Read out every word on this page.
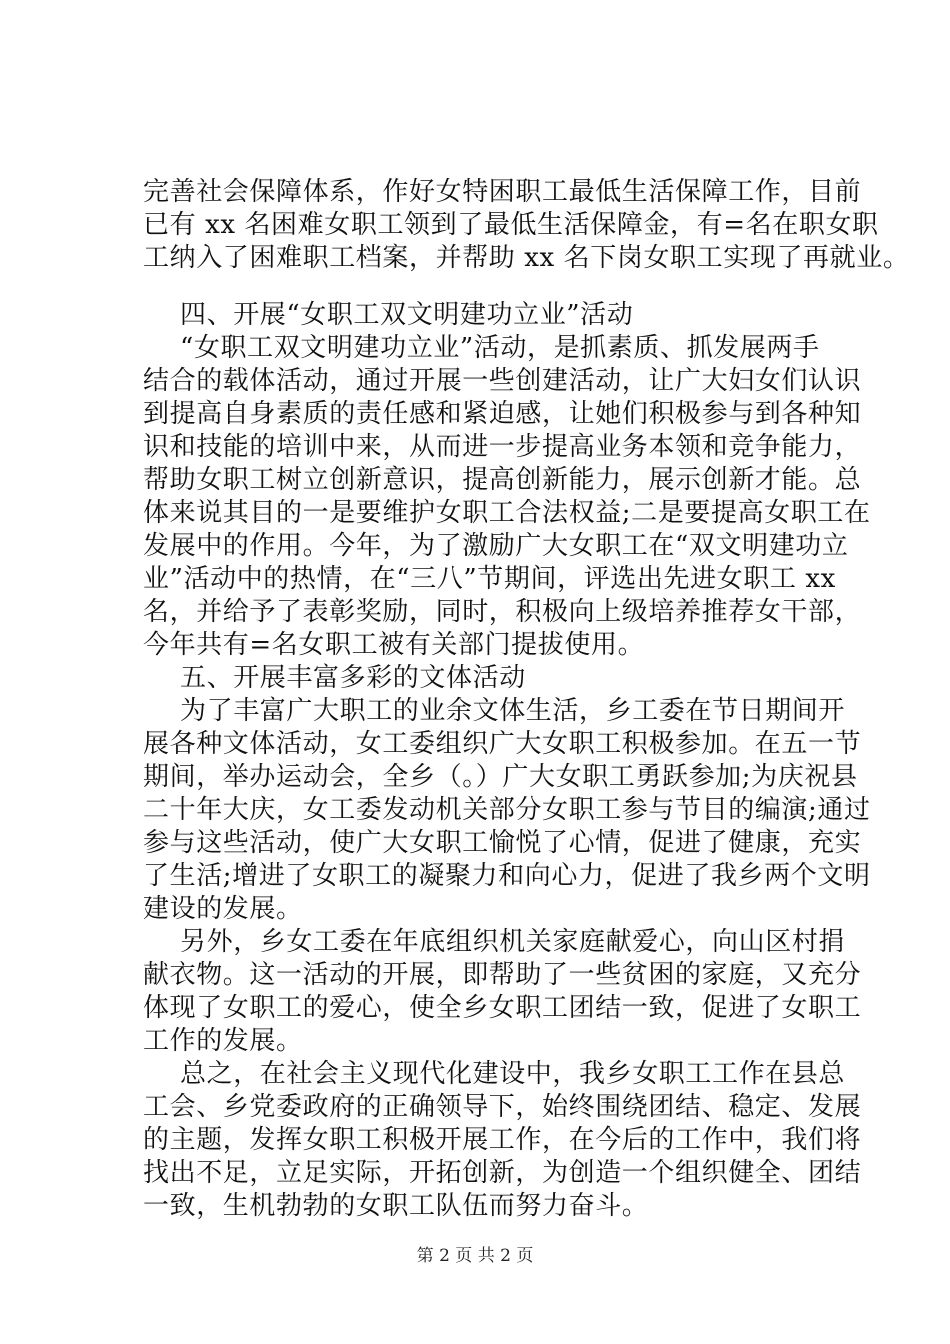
完善社会保障体系，作好女特困职工最低生活保障工作，目前
已有 xx 名困难女职工领到了最低生活保障金，有=名在职女职
工纳入了困难职工档案，并帮助 xx 名下岗女职工实现了再就业。
四、开展“女职工双文明建功立业”活动
“女职工双文明建功立业”活动，是抓素质、抓发展两手
结合的载体活动，通过开展一些创建活动，让广大妇女们认识
到提高自身素质的责任感和紧迫感，让她们积极参与到各种知
识和技能的培训中来，从而进一步提高业务本领和竞争能力，
帮助女职工树立创新意识，提高创新能力，展示创新才能。总
体来说其目的一是要维护女职工合法权益;二是要提高女职工在
发展中的作用。今年，为了激励广大女职工在“双文明建功立
业”活动中的热情，在“三八”节期间，评选出先进女职工 xx
名，并给予了表彰奖励，同时，积极向上级培养推荐女干部，
今年共有=名女职工被有关部门提拔使用。
五、开展丰富多彩的文体活动
为了丰富广大职工的业余文体生活，乡工委在节日期间开
展各种文体活动，女工委组织广大女职工积极参加。在五一节
期间，举办运动会，全乡（。）广大女职工勇跃参加;为庆祝县
二十年大庆，女工委发动机关部分女职工参与节目的编演;通过
参与这些活动，使广大女职工愉悦了心情，促进了健康，充实
了生活;增进了女职工的凝聚力和向心力，促进了我乡两个文明
建设的发展。
另外，乡女工委在年底组织机关家庭献爱心，向山区村捐
献衣物。这一活动的开展，即帮助了一些贫困的家庭，又充分
体现了女职工的爱心，使全乡女职工团结一致，促进了女职工
工作的发展。
总之，在社会主义现代化建设中，我乡女职工工作在县总
工会、乡党委政府的正确领导下，始终围绕团结、稳定、发展
的主题，发挥女职工积极开展工作，在今后的工作中，我们将
找出不足，立足实际，开拓创新，为创造一个组织健全、团结
一致，生机勃勃的女职工队伍而努力奋斗。
第 2 页 共 2 页
